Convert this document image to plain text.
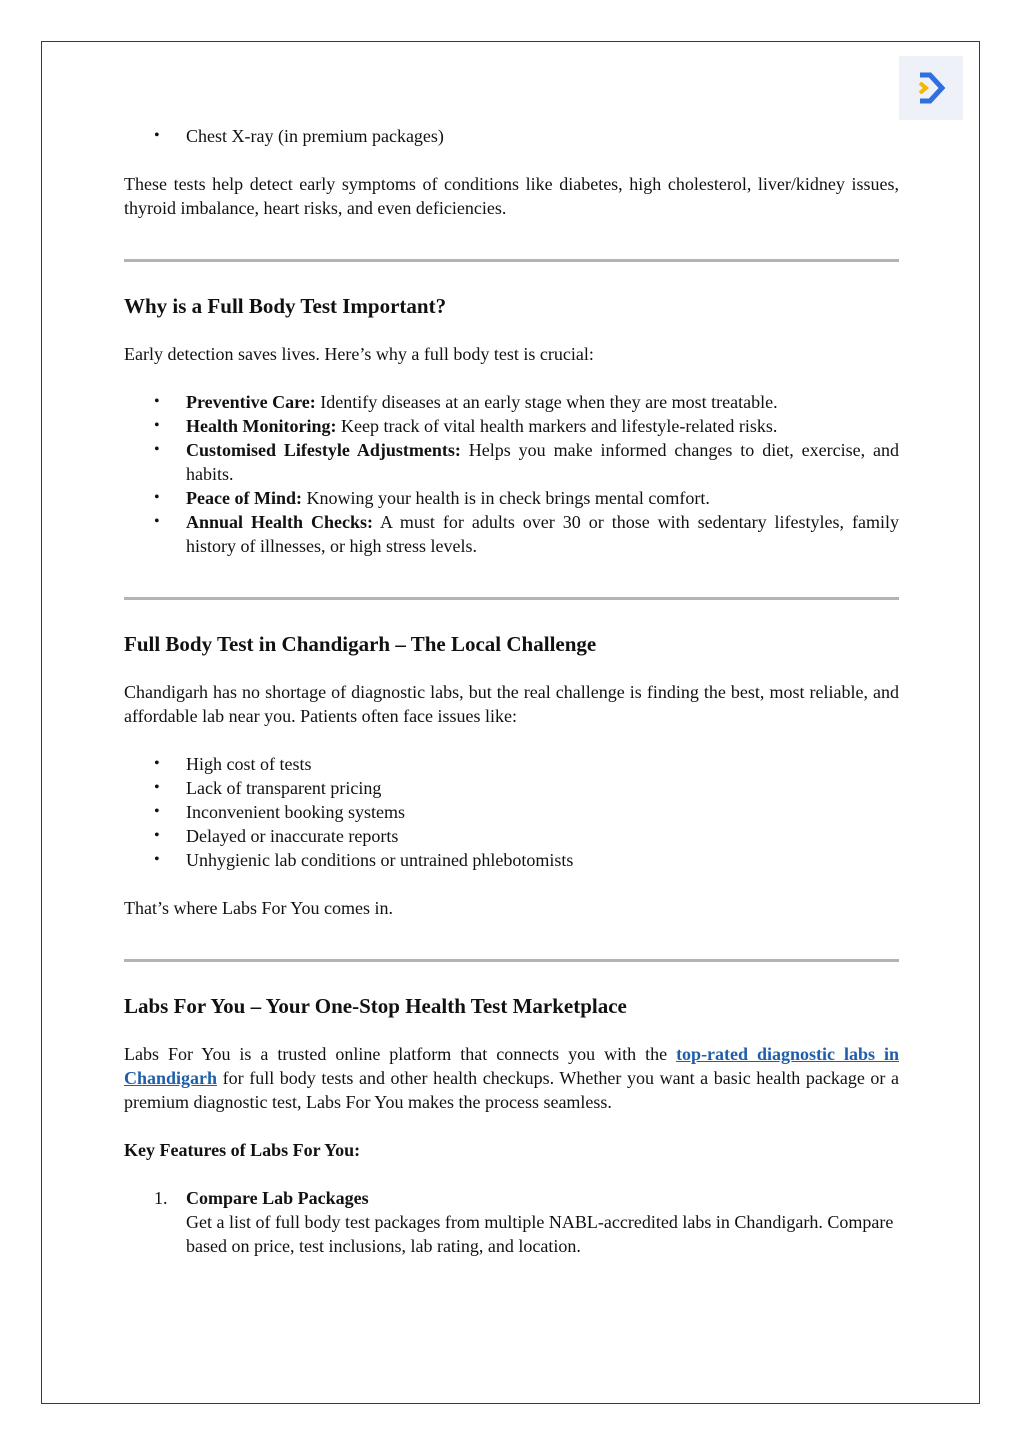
• Chest X-ray (in premium packages)

These tests help detect early symptoms of conditions like diabetes, high cholesterol, liver/kidney issues, thyroid imbalance, heart risks, and even deficiencies.

Why is a Full Body Test Important?

Early detection saves lives. Here’s why a full body test is crucial:

• Preventive Care: Identify diseases at an early stage when they are most treatable.
• Health Monitoring: Keep track of vital health markers and lifestyle-related risks.
• Customised Lifestyle Adjustments: Helps you make informed changes to diet, exercise, and habits.
• Peace of Mind: Knowing your health is in check brings mental comfort.
• Annual Health Checks: A must for adults over 30 or those with sedentary lifestyles, family history of illnesses, or high stress levels.
Full Body Test in Chandigarh – The Local Challenge

Chandigarh has no shortage of diagnostic labs, but the real challenge is finding the best, most reliable, and affordable lab near you. Patients often face issues like:

• High cost of tests
• Lack of transparent pricing
• Inconvenient booking systems
• Delayed or inaccurate reports
• Unhygienic lab conditions or untrained phlebotomists

That’s where Labs For You comes in.

Labs For You – Your One-Stop Health Test Marketplace

Labs For You is a trusted online platform that connects you with the top-rated diagnostic labs in Chandigarh for full body tests and other health checkups. Whether you want a basic health package or a premium diagnostic test, Labs For You makes the process seamless.

Key Features of Labs For You:

1. Compare Lab Packages
Get a list of full body test packages from multiple NABL-accredited labs in Chandigarh. Compare based on price, test inclusions, lab rating, and location.
